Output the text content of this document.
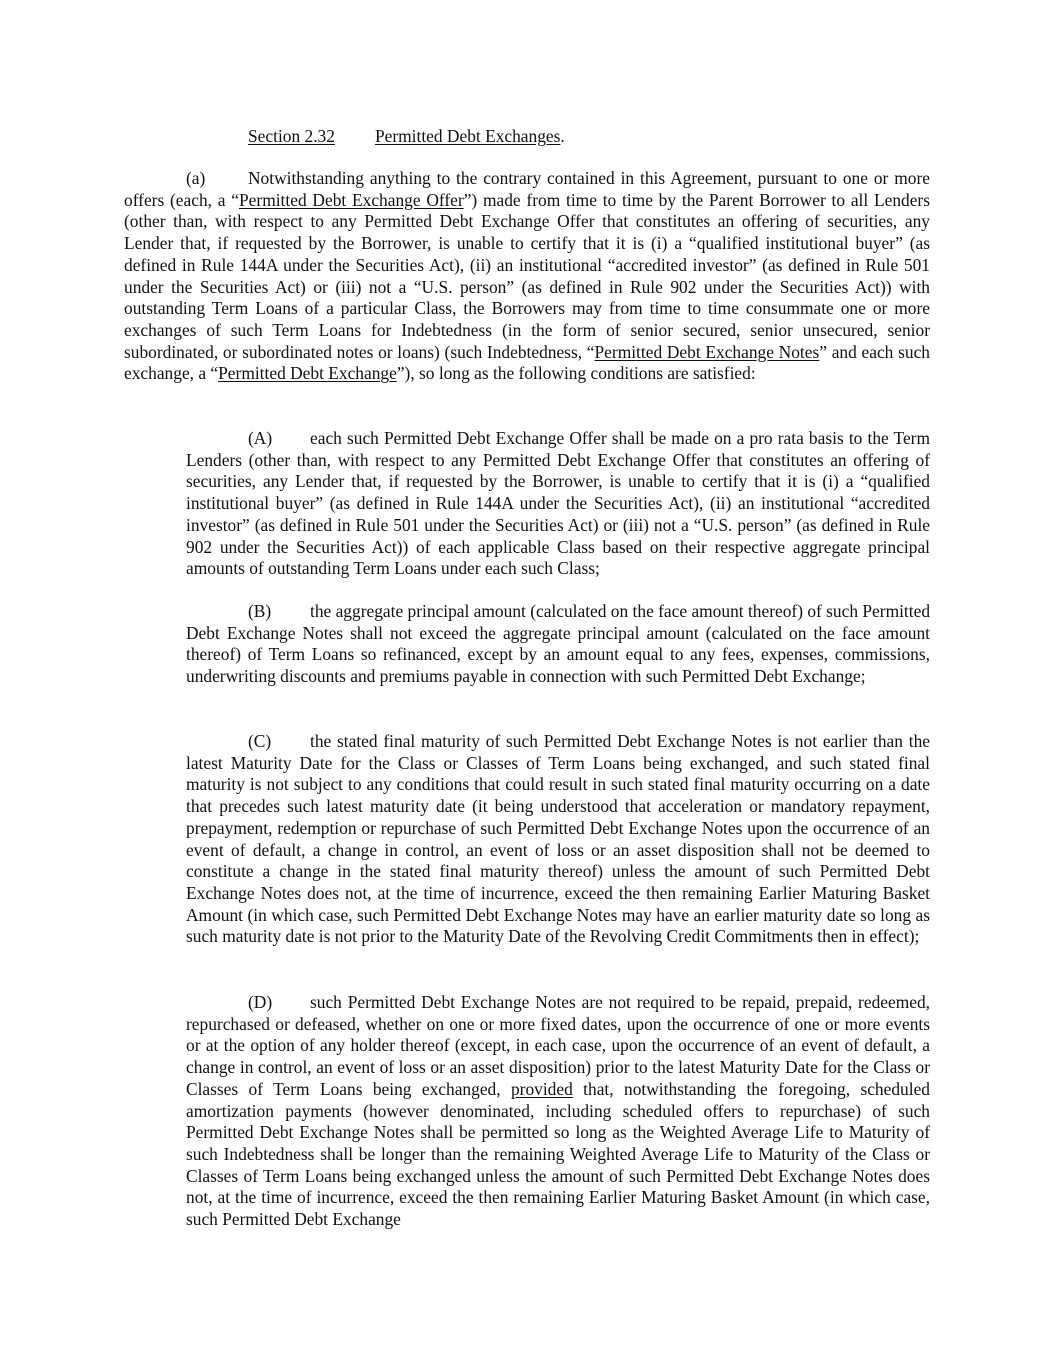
Section 2.32 Permitted Debt Exchanges.

(a) Notwithstanding anything to the contrary contained in this Agreement, pursuant to one or more offers (each, a “Permitted Debt Exchange Offer”) made from time to time by the Parent Borrower to all Lenders (other than, with respect to any Permitted Debt Exchange Offer that constitutes an offering of securities, any Lender that, if requested by the Borrower, is unable to certify that it is (i) a “qualified institutional buyer” (as defined in Rule 144A under the Securities Act), (ii) an institutional “accredited investor” (as defined in Rule 501 under the Securities Act) or (iii) not a “U.S. person” (as defined in Rule 902 under the Securities Act)) with outstanding Term Loans of a particular Class, the Borrowers may from time to time consummate one or more exchanges of such Term Loans for Indebtedness (in the form of senior secured, senior unsecured, senior subordinated, or subordinated notes or loans) (such Indebtedness, “Permitted Debt Exchange Notes” and each such exchange, a “Permitted Debt Exchange”), so long as the following conditions are satisfied:

(A) each such Permitted Debt Exchange Offer shall be made on a pro rata basis to the Term Lenders (other than, with respect to any Permitted Debt Exchange Offer that constitutes an offering of securities, any Lender that, if requested by the Borrower, is unable to certify that it is (i) a “qualified institutional buyer” (as defined in Rule 144A under the Securities Act), (ii) an institutional “accredited investor” (as defined in Rule 501 under the Securities Act) or (iii) not a “U.S. person” (as defined in Rule 902 under the Securities Act)) of each applicable Class based on their respective aggregate principal amounts of outstanding Term Loans under each such Class;

(B) the aggregate principal amount (calculated on the face amount thereof) of such Permitted Debt Exchange Notes shall not exceed the aggregate principal amount (calculated on the face amount thereof) of Term Loans so refinanced, except by an amount equal to any fees, expenses, commissions, underwriting discounts and premiums payable in connection with such Permitted Debt Exchange;

(C) the stated final maturity of such Permitted Debt Exchange Notes is not earlier than the latest Maturity Date for the Class or Classes of Term Loans being exchanged, and such stated final maturity is not subject to any conditions that could result in such stated final maturity occurring on a date that precedes such latest maturity date (it being understood that acceleration or mandatory repayment, prepayment, redemption or repurchase of such Permitted Debt Exchange Notes upon the occurrence of an event of default, a change in control, an event of loss or an asset disposition shall not be deemed to constitute a change in the stated final maturity thereof) unless the amount of such Permitted Debt Exchange Notes does not, at the time of incurrence, exceed the then remaining Earlier Maturing Basket Amount (in which case, such Permitted Debt Exchange Notes may have an earlier maturity date so long as such maturity date is not prior to the Maturity Date of the Revolving Credit Commitments then in effect);

(D) such Permitted Debt Exchange Notes are not required to be repaid, prepaid, redeemed, repurchased or defeased, whether on one or more fixed dates, upon the occurrence of one or more events or at the option of any holder thereof (except, in each case, upon the occurrence of an event of default, a change in control, an event of loss or an asset disposition) prior to the latest Maturity Date for the Class or Classes of Term Loans being exchanged, provided that, notwithstanding the foregoing, scheduled amortization payments (however denominated, including scheduled offers to repurchase) of such Permitted Debt Exchange Notes shall be permitted so long as the Weighted Average Life to Maturity of such Indebtedness shall be longer than the remaining Weighted Average Life to Maturity of the Class or Classes of Term Loans being exchanged unless the amount of such Permitted Debt Exchange Notes does not, at the time of incurrence, exceed the then remaining Earlier Maturing Basket Amount (in which case, such Permitted Debt Exchange
